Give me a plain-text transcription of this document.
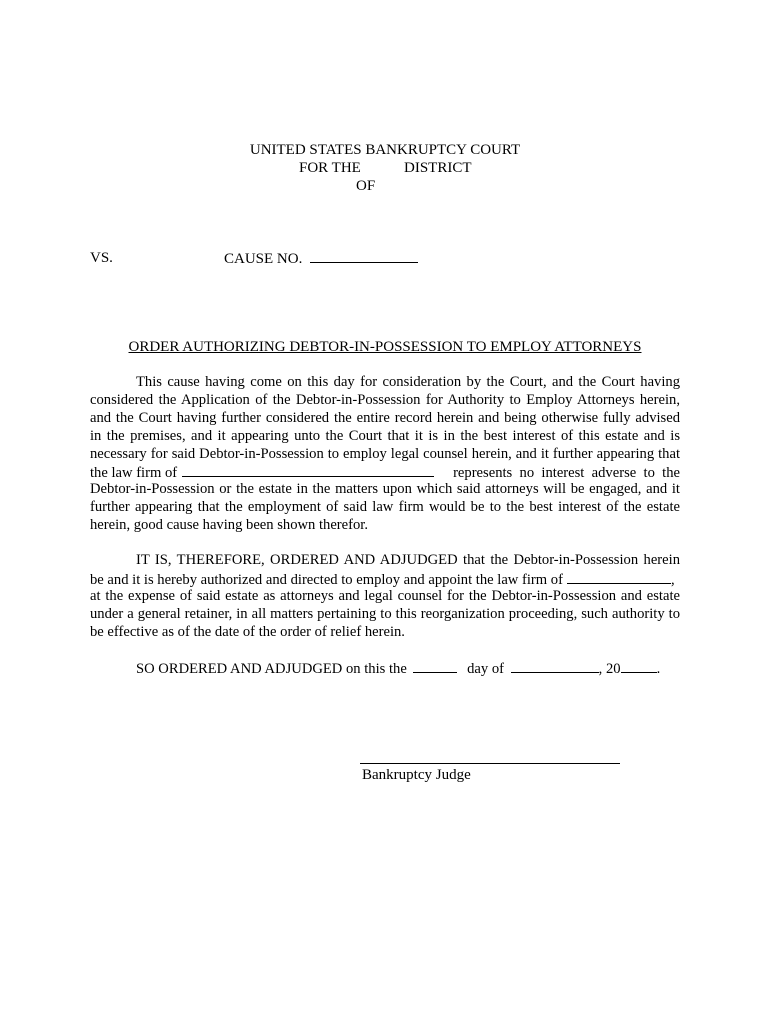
UNITED STATES BANKRUPTCY COURT
FOR THE	DISTRICT
OF
VS.	CAUSE NO.
ORDER AUTHORIZING DEBTOR-IN-POSSESSION TO EMPLOY ATTORNEYS
This cause having come on this day for consideration by the Court, and the Court having
considered the Application of the Debtor-in-Possession for Authority to Employ Attorneys herein,
and the Court having further considered the entire record herein and being otherwise fully advised
in the premises, and it appearing unto the Court that it is in the best interest of this estate and is
necessary for said Debtor-in-Possession to employ legal counsel herein, and it further appearing that
the law firm of	represents  no  interest  adverse  to  the
Debtor-in-Possession or the estate in the matters upon which said attorneys will be engaged, and it
further appearing that the employment of said law firm would be to the best interest of the estate
herein, good cause having been shown therefor.
IT IS, THEREFORE, ORDERED AND ADJUDGED that the Debtor-in-Possession herein
be and it is hereby authorized and directed to employ and appoint the law firm of	,
at the expense of said estate as attorneys and legal counsel for the Debtor-in-Possession and estate
under a general retainer, in all matters pertaining to this reorganization proceeding, such authority to
be effective as of the date of the order of relief herein.
SO ORDERED AND ADJUDGED on this the	day of	, 20 .
Bankruptcy Judge
